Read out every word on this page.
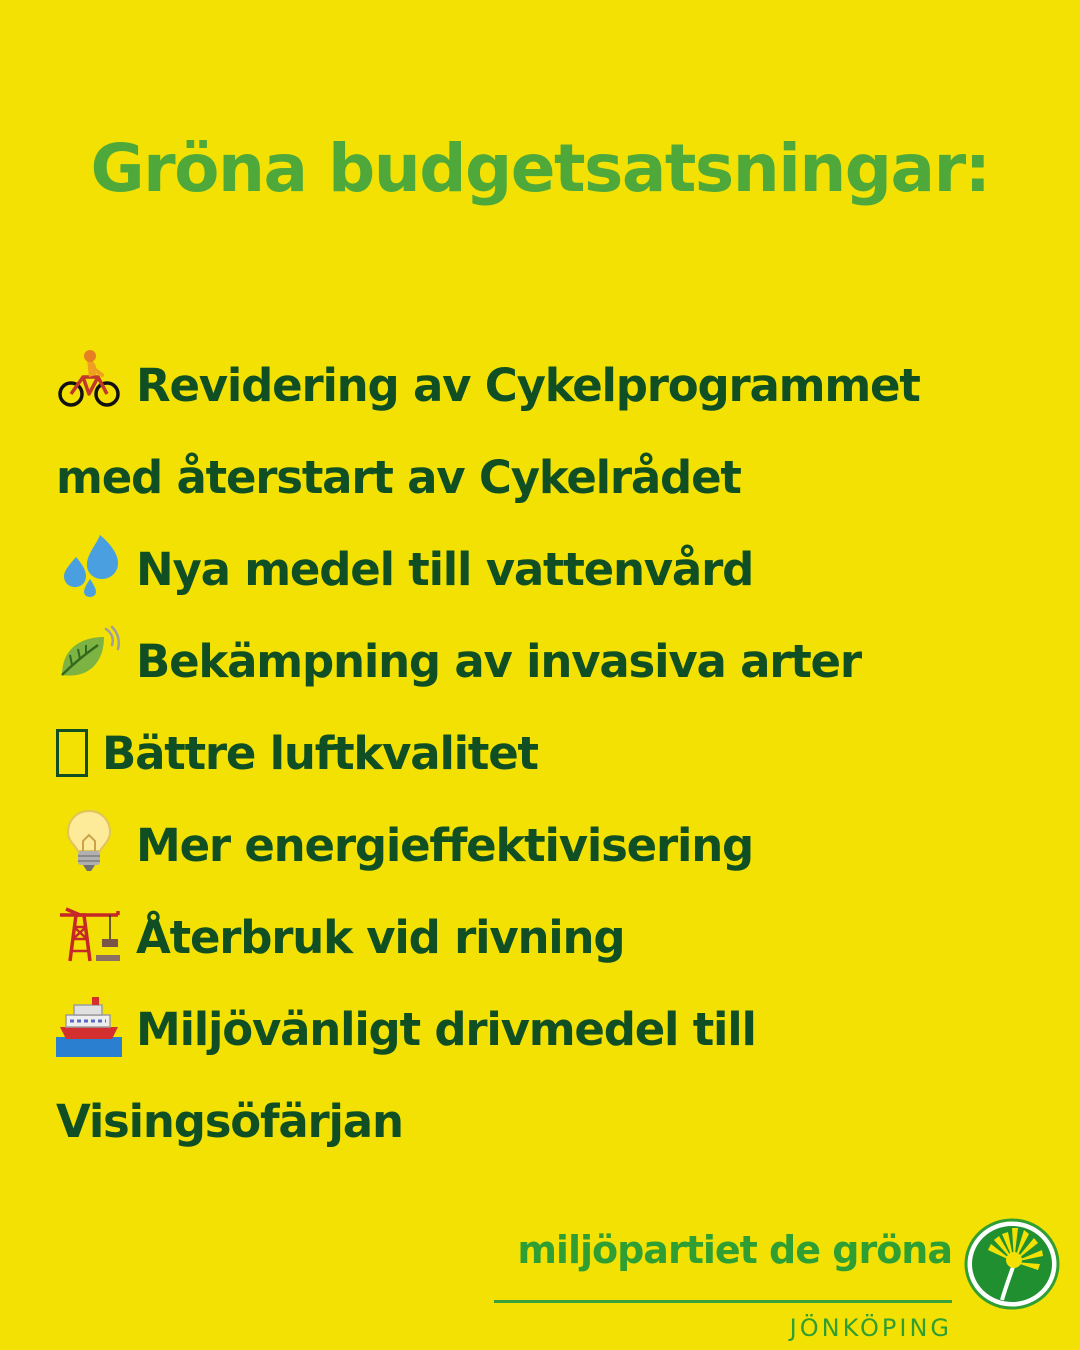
Gröna budgetsatsningar:
Revidering av Cykelprogrammet
med återstart av Cykelrådet
Nya medel till vattenvård
Bekämpning av invasiva arter
Bättre luftkvalitet
Mer energieffektivisering
Återbruk vid rivning
Miljövänligt drivmedel till
Visingsöfärjan
miljöpartiet de gröna
JÖNKÖPING
